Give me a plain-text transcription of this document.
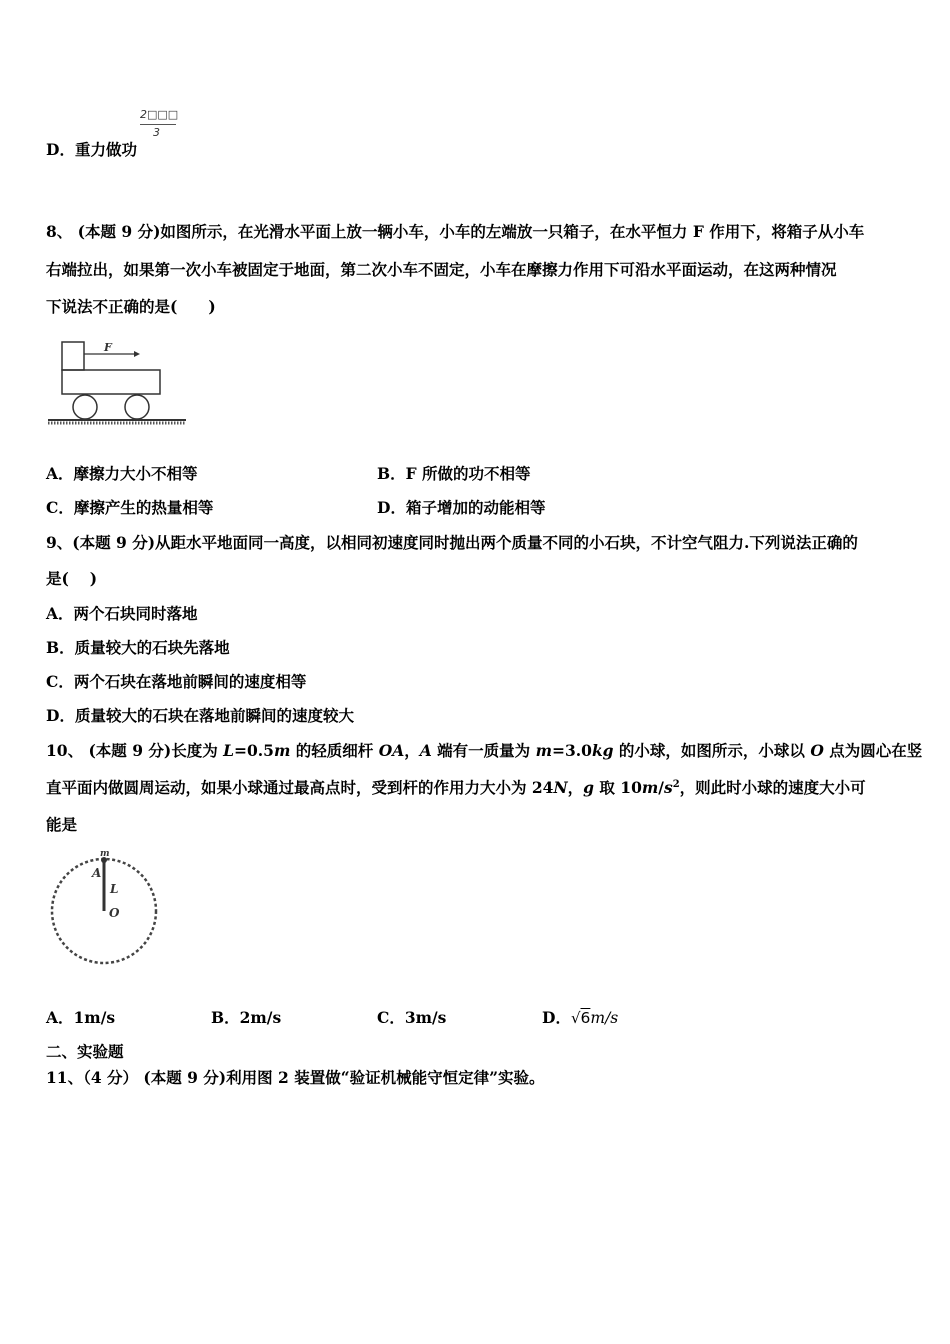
2□□□
3
D．重力做功
8、 (本题 9 分)如图所示，在光滑水平面上放一辆小车，小车的左端放一只箱子，在水平恒力 F 作用下，将箱子从小车
右端拉出，如果第一次小车被固定于地面，第二次小车不固定，小车在摩擦力作用下可沿水平面运动，在这两种情况
下说法不正确的是(　　)
F
A．摩擦力大小不相等	B．F 所做的功不相等
C．摩擦产生的热量相等	D．箱子增加的动能相等
9、(本题 9 分)从距水平地面同一高度，以相同初速度同时抛出两个质量不同的小石块，不计空气阻力.下列说法正确的
是(　 )
A．两个石块同时落地
B．质量较大的石块先落地
C．两个石块在落地前瞬间的速度相等
D．质量较大的石块在落地前瞬间的速度较大
10、 (本题 9 分)长度为 L=0.5m 的轻质细杆 OA，A 端有一质量为 m=3.0kg 的小球，如图所示，小球以 O 点为圆心在竖
直平面内做圆周运动，如果小球通过最高点时，受到杆的作用力大小为 24N，g 取 $10m/s^2$，则此时小球的速度大小可
能是
m
A
L
O
A．1m/s	B．2m/s	C．3m/s	D．√6m/s
二、实验题
11、（4 分） (本题 9 分)利用图 2 装置做“验证机械能守恒定律”实验。
